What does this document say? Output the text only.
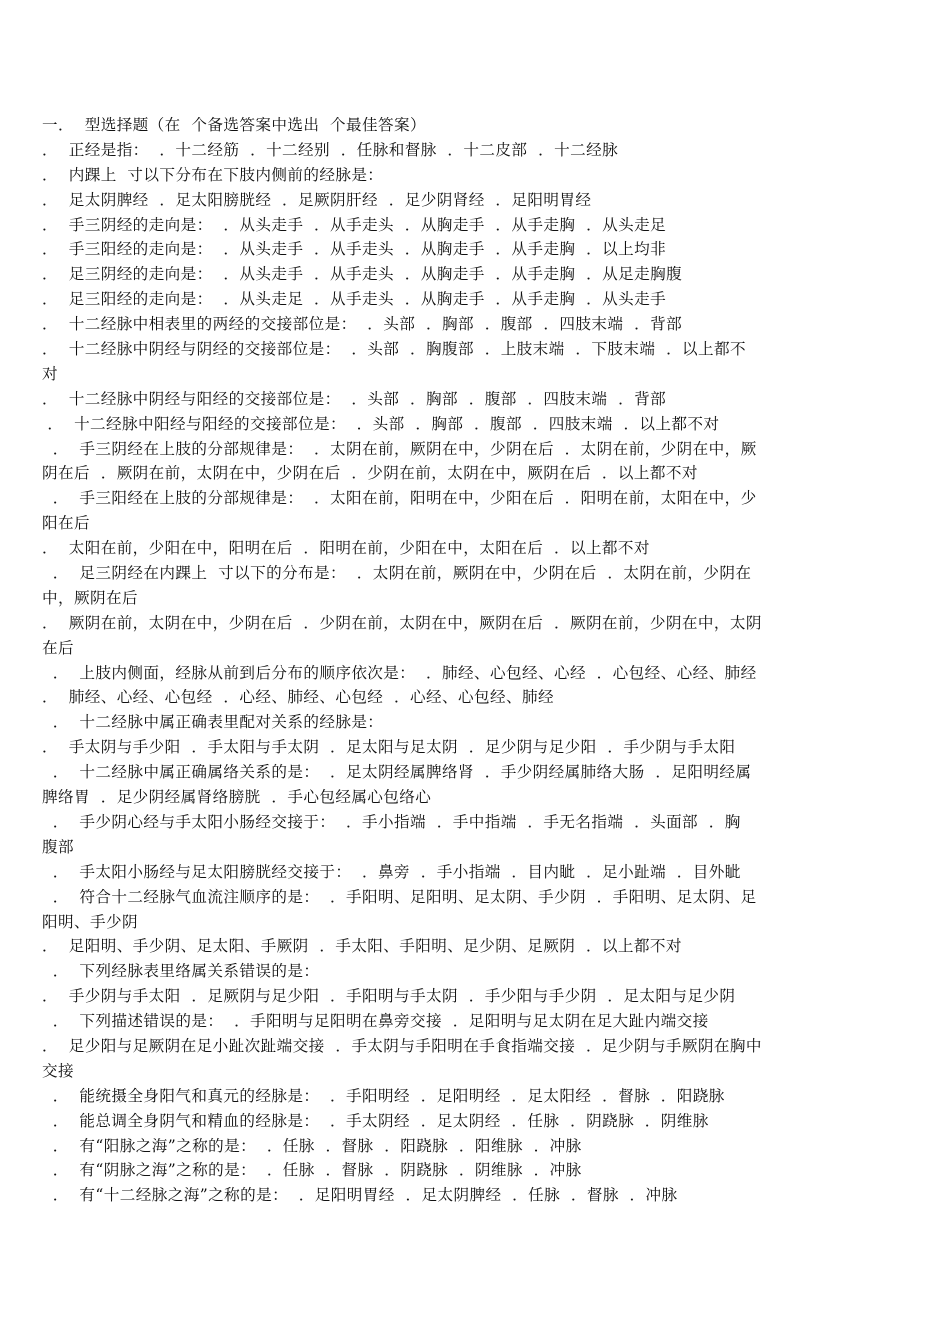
一．  型选择题（在  个备选答案中选出  个最佳答案）
．  正经是指：  ．十二经筋  ．十二经别  ．任脉和督脉  ．十二皮部  ．十二经脉
．  内踝上  寸以下分布在下肢内侧前的经脉是：
．  足太阴脾经  ．足太阳膀胱经  ．足厥阴肝经  ．足少阴肾经  ．足阳明胃经
．  手三阴经的走向是：  ．从头走手  ．从手走头  ．从胸走手  ．从手走胸  ．从头走足
．  手三阳经的走向是：  ．从头走手  ．从手走头  ．从胸走手  ．从手走胸  ．以上均非
．  足三阴经的走向是：  ．从头走手  ．从手走头  ．从胸走手  ．从手走胸  ．从足走胸腹
．  足三阳经的走向是：  ．从头走足  ．从手走头  ．从胸走手  ．从手走胸  ．从头走手
．  十二经脉中相表里的两经的交接部位是：  ．头部  ．胸部  ．腹部  ．四肢末端  ．背部
．  十二经脉中阴经与阴经的交接部位是：  ．头部  ．胸腹部  ．上肢末端  ．下肢末端  ．以上都不
对
．  十二经脉中阴经与阳经的交接部位是：  ．头部  ．胸部  ．腹部  ．四肢末端  ．背部
．  十二经脉中阳经与阳经的交接部位是：  ．头部  ．胸部  ．腹部  ．四肢末端  ．以上都不对
．  手三阴经在上肢的分部规律是：  ．太阴在前，厥阴在中，少阴在后  ．太阴在前，少阴在中，厥
阴在后  ．厥阴在前，太阴在中，少阴在后  ．少阴在前，太阴在中，厥阴在后  ．以上都不对
．  手三阳经在上肢的分部规律是：  ．太阳在前，阳明在中，少阳在后  ．阳明在前，太阳在中，少
阳在后
．  太阳在前，少阳在中，阳明在后  ．阳明在前，少阳在中，太阳在后  ．以上都不对
．  足三阴经在内踝上  寸以下的分布是：  ．太阴在前，厥阴在中，少阴在后  ．太阴在前，少阴在
中，厥阴在后
．  厥阴在前，太阴在中，少阴在后  ．少阴在前，太阴在中，厥阴在后  ．厥阴在前，少阴在中，太阴
在后
．  上肢内侧面，经脉从前到后分布的顺序依次是：  ．肺经、心包经、心经  ．心包经、心经、肺经
．  肺经、心经、心包经  ．心经、肺经、心包经  ．心经、心包经、肺经
．  十二经脉中属正确表里配对关系的经脉是：
．  手太阴与手少阳  ．手太阳与手太阴  ．足太阳与足太阴  ．足少阴与足少阳  ．手少阴与手太阳
．  十二经脉中属正确属络关系的是：  ．足太阴经属脾络肾  ．手少阴经属肺络大肠  ．足阳明经属
脾络胃  ．足少阴经属肾络膀胱  ．手心包经属心包络心
．  手少阴心经与手太阳小肠经交接于：  ．手小指端  ．手中指端  ．手无名指端  ．头面部  ．胸
腹部
．  手太阳小肠经与足太阳膀胱经交接于：  ．鼻旁  ．手小指端  ．目内眦  ．足小趾端  ．目外眦
．  符合十二经脉气血流注顺序的是：  ．手阳明、足阳明、足太阴、手少阴  ．手阳明、足太阴、足
阳明、手少阴
．  足阳明、手少阴、足太阳、手厥阴  ．手太阳、手阳明、足少阴、足厥阴  ．以上都不对
．  下列经脉表里络属关系错误的是：
．  手少阴与手太阳  ．足厥阴与足少阳  ．手阳明与手太阴  ．手少阳与手少阴  ．足太阳与足少阴
．  下列描述错误的是：  ．手阳明与足阳明在鼻旁交接  ．足阳明与足太阴在足大趾内端交接
．  足少阳与足厥阴在足小趾次趾端交接  ．手太阴与手阳明在手食指端交接  ．足少阴与手厥阴在胸中
交接
．  能统摄全身阳气和真元的经脉是：  ．手阳明经  ．足阳明经  ．足太阳经  ．督脉  ．阳跷脉
．  能总调全身阴气和精血的经脉是：  ．手太阴经  ．足太阴经  ．任脉  ．阴跷脉  ．阴维脉
．  有“阳脉之海”之称的是：  ．任脉  ．督脉  ．阳跷脉  ．阳维脉  ．冲脉
．  有“阴脉之海”之称的是：  ．任脉  ．督脉  ．阴跷脉  ．阴维脉  ．冲脉
．  有“十二经脉之海”之称的是：  ．足阳明胃经  ．足太阴脾经  ．任脉  ．督脉  ．冲脉
